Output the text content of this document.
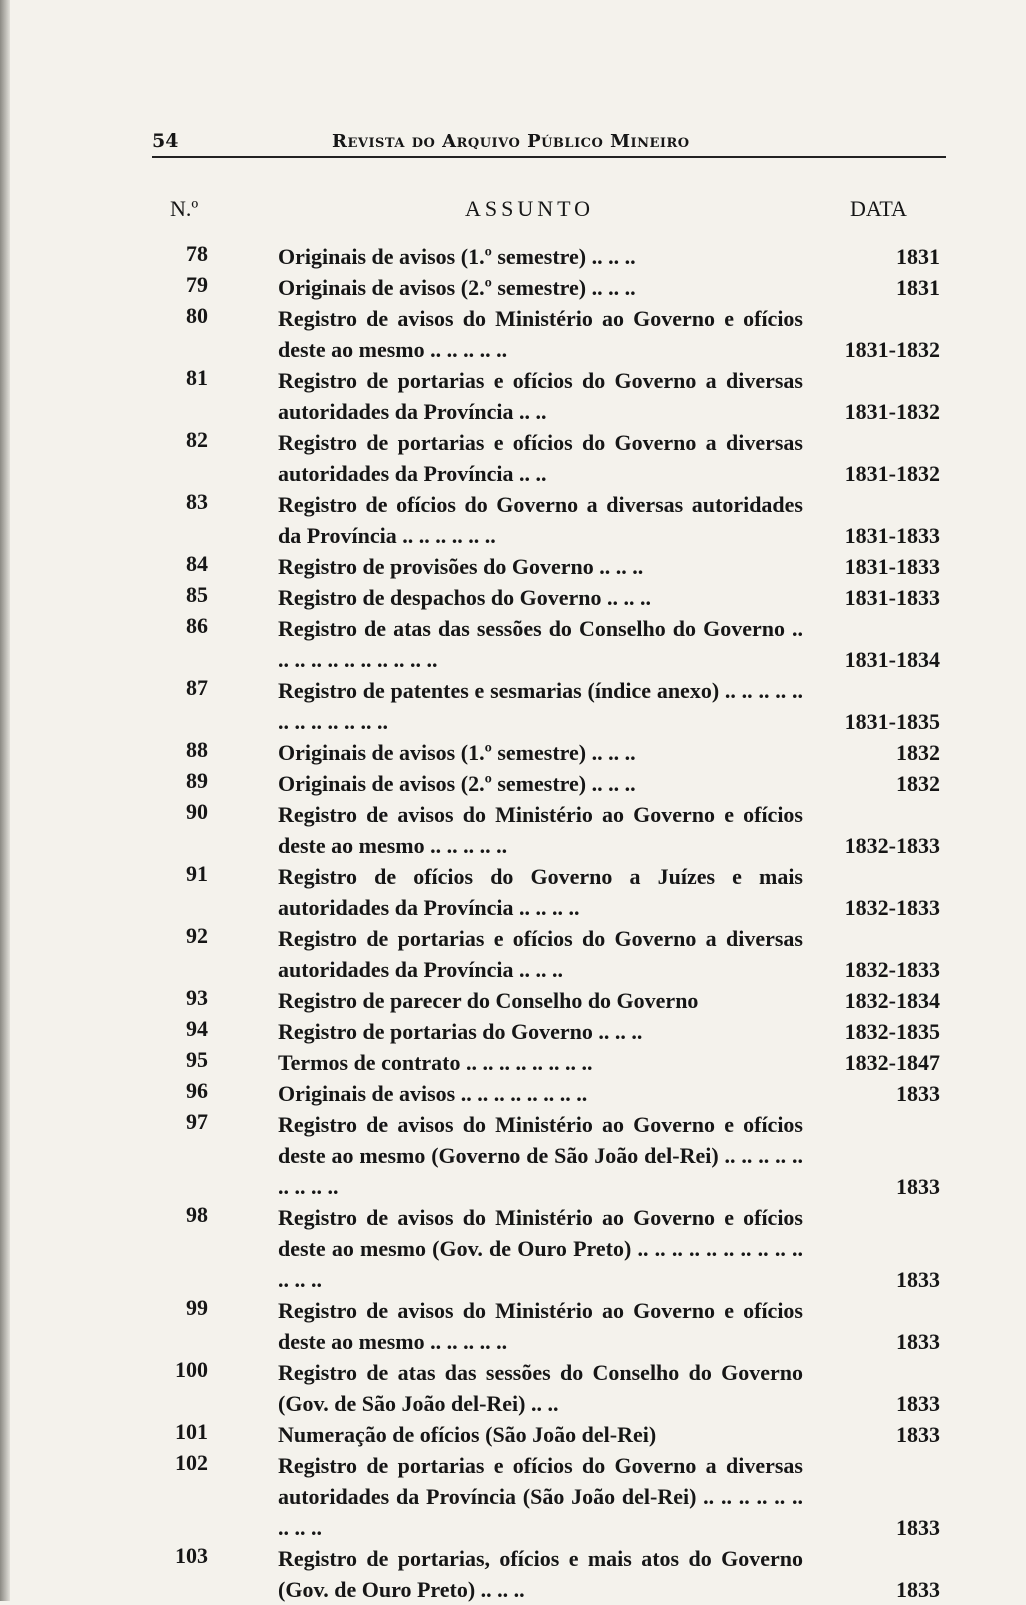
54	Revista do Arquivo Público Mineiro
N.º	ASSUNTO	DATA
78	Originais de avisos (1.º semestre) .. .. ..	1831
79	Originais de avisos (2.º semestre) .. .. ..	1831
80	Registro de avisos do Ministério ao Governo e ofícios deste ao mesmo .. .. .. .. ..	1831-1832
81	Registro de portarias e ofícios do Governo a diversas autoridades da Província .. ..	1831-1832
82	Registro de portarias e ofícios do Governo a diversas autoridades da Província .. ..	1831-1832
83	Registro de ofícios do Governo a diversas autoridades da Província .. .. .. .. .. ..	1831-1833
84	Registro de provisões do Governo .. .. ..	1831-1833
85	Registro de despachos do Governo .. .. ..	1831-1833
86	Registro de atas das sessões do Conselho do Governo .. .. .. .. .. .. .. .. .. .. ..	1831-1834
87	Registro de patentes e sesmarias (índice anexo) .. .. .. .. .. .. .. .. .. .. .. ..	1831-1835
88	Originais de avisos (1.º semestre) .. .. ..	1832
89	Originais de avisos (2.º semestre) .. .. ..	1832
90	Registro de avisos do Ministério ao Governo e ofícios deste ao mesmo .. .. .. .. ..	1832-1833
91	Registro de ofícios do Governo a Juízes e mais autoridades da Província .. .. .. ..	1832-1833
92	Registro de portarias e ofícios do Governo a diversas autoridades da Província .. .. ..	1832-1833
93	Registro de parecer do Conselho do Governo	1832-1834
94	Registro de portarias do Governo .. .. ..	1832-1835
95	Termos de contrato .. .. .. .. .. .. .. ..	1832-1847
96	Originais de avisos .. .. .. .. .. .. .. ..	1833
97	Registro de avisos do Ministério ao Governo e ofícios deste ao mesmo (Governo de São João del-Rei) .. .. .. .. .. .. .. .. ..	1833
98	Registro de avisos do Ministério ao Governo e ofícios deste ao mesmo (Gov. de Ouro Preto) .. .. .. .. .. .. .. .. .. .. .. .. ..	1833
99	Registro de avisos do Ministério ao Governo e ofícios deste ao mesmo .. .. .. .. ..	1833
100	Registro de atas das sessões do Conselho do Governo (Gov. de São João del-Rei) .. ..	1833
101	Numeração de ofícios (São João del-Rei)	1833
102	Registro de portarias e ofícios do Governo a diversas autoridades da Província (São João del-Rei) .. .. .. .. .. .. .. .. ..	1833
103	Registro de portarias, ofícios e mais atos do Governo (Gov. de Ouro Preto) .. .. ..	1833
